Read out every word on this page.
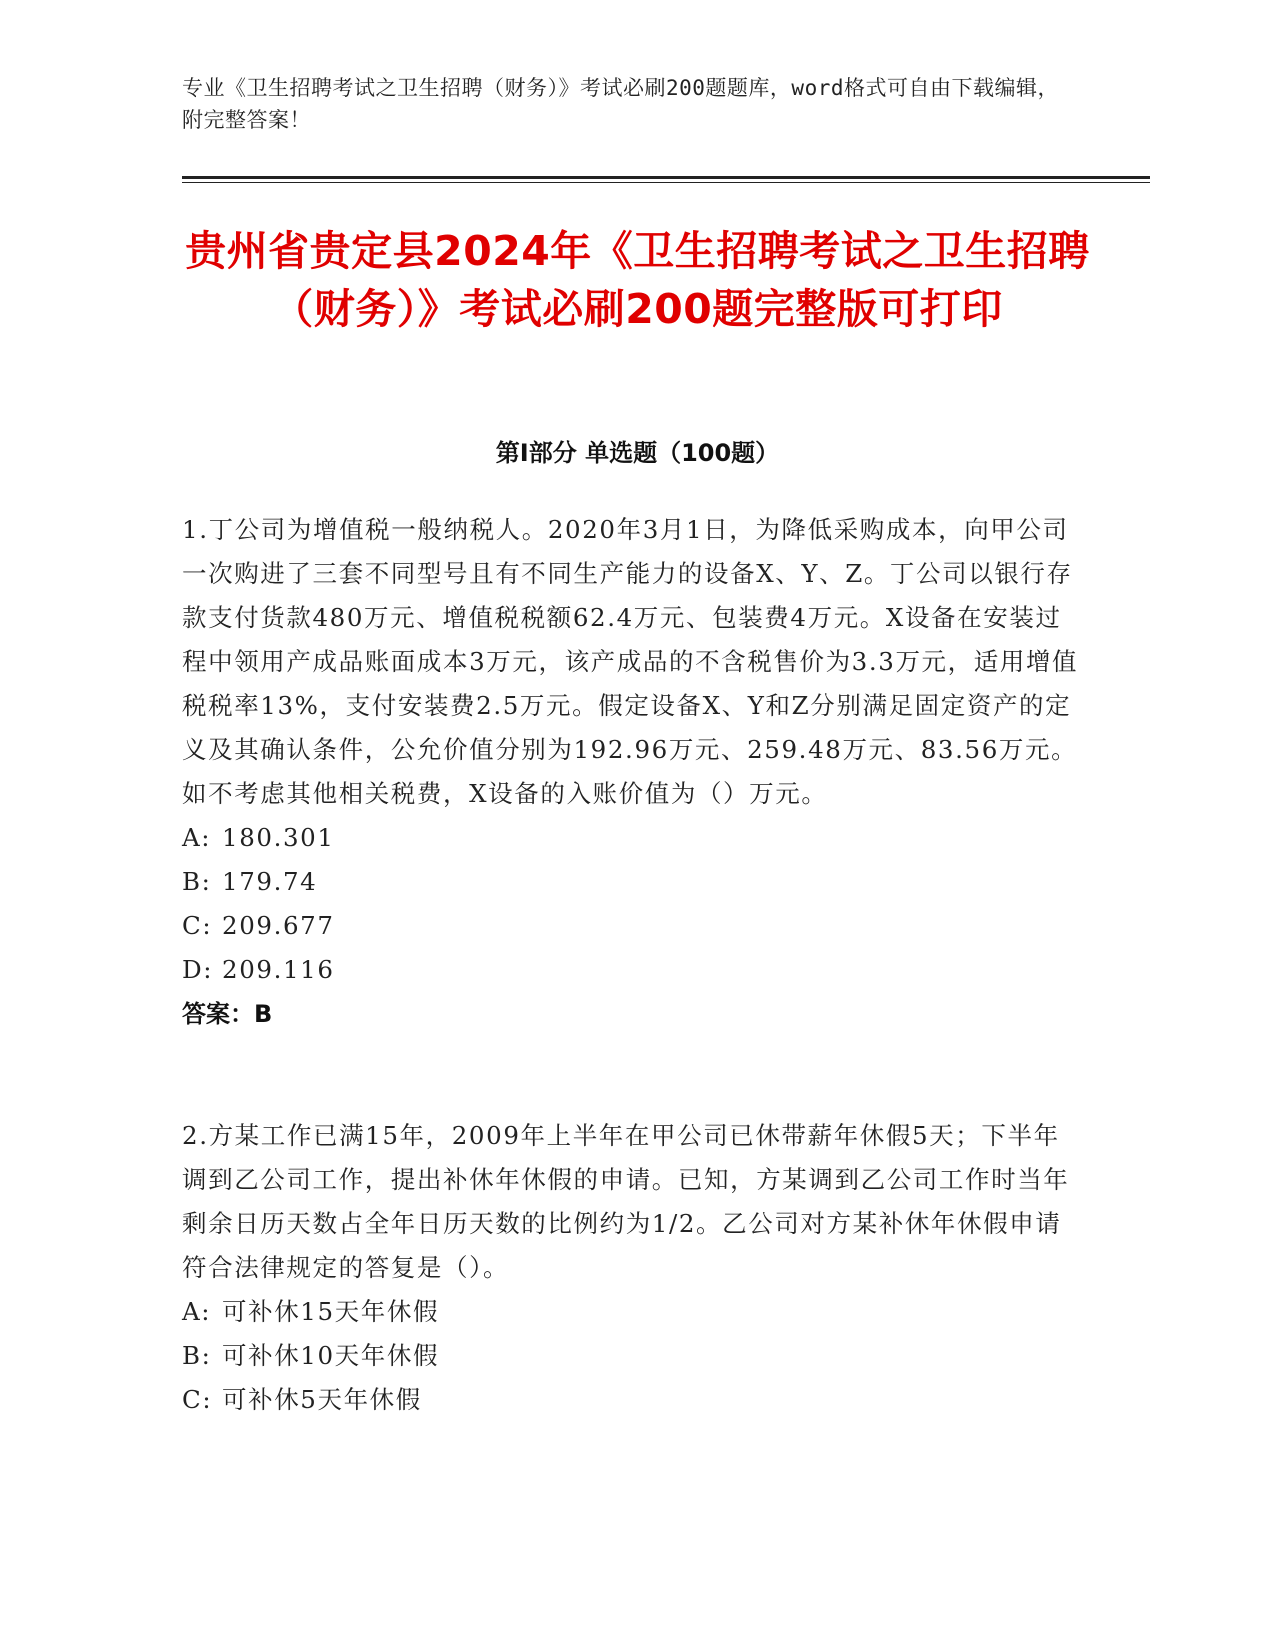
专业《卫生招聘考试之卫生招聘（财务）》考试必刷200题题库，word格式可自由下载编辑，附完整答案！
贵州省贵定县2024年《卫生招聘考试之卫生招聘（财务）》考试必刷200题完整版可打印
第I部分 单选题（100题）
1.丁公司为增值税一般纳税人。2020年3月1日，为降低采购成本，向甲公司一次购进了三套不同型号且有不同生产能力的设备X、Y、Z。丁公司以银行存款支付货款480万元、增值税税额62.4万元、包装费4万元。X设备在安装过程中领用产成品账面成本3万元，该产成品的不含税售价为3.3万元，适用增值税税率13%，支付安装费2.5万元。假定设备X、Y和Z分别满足固定资产的定义及其确认条件，公允价值分别为192.96万元、259.48万元、83.56万元。如不考虑其他相关税费，X设备的入账价值为（）万元。
A: 180.301
B: 179.74
C: 209.677
D: 209.116
答案：B
2.方某工作已满15年，2009年上半年在甲公司已休带薪年休假5天；下半年调到乙公司工作，提出补休年休假的申请。已知，方某调到乙公司工作时当年剩余日历天数占全年日历天数的比例约为1/2。乙公司对方某补休年休假申请符合法律规定的答复是（）。
A: 可补休15天年休假
B: 可补休10天年休假
C: 可补休5天年休假
